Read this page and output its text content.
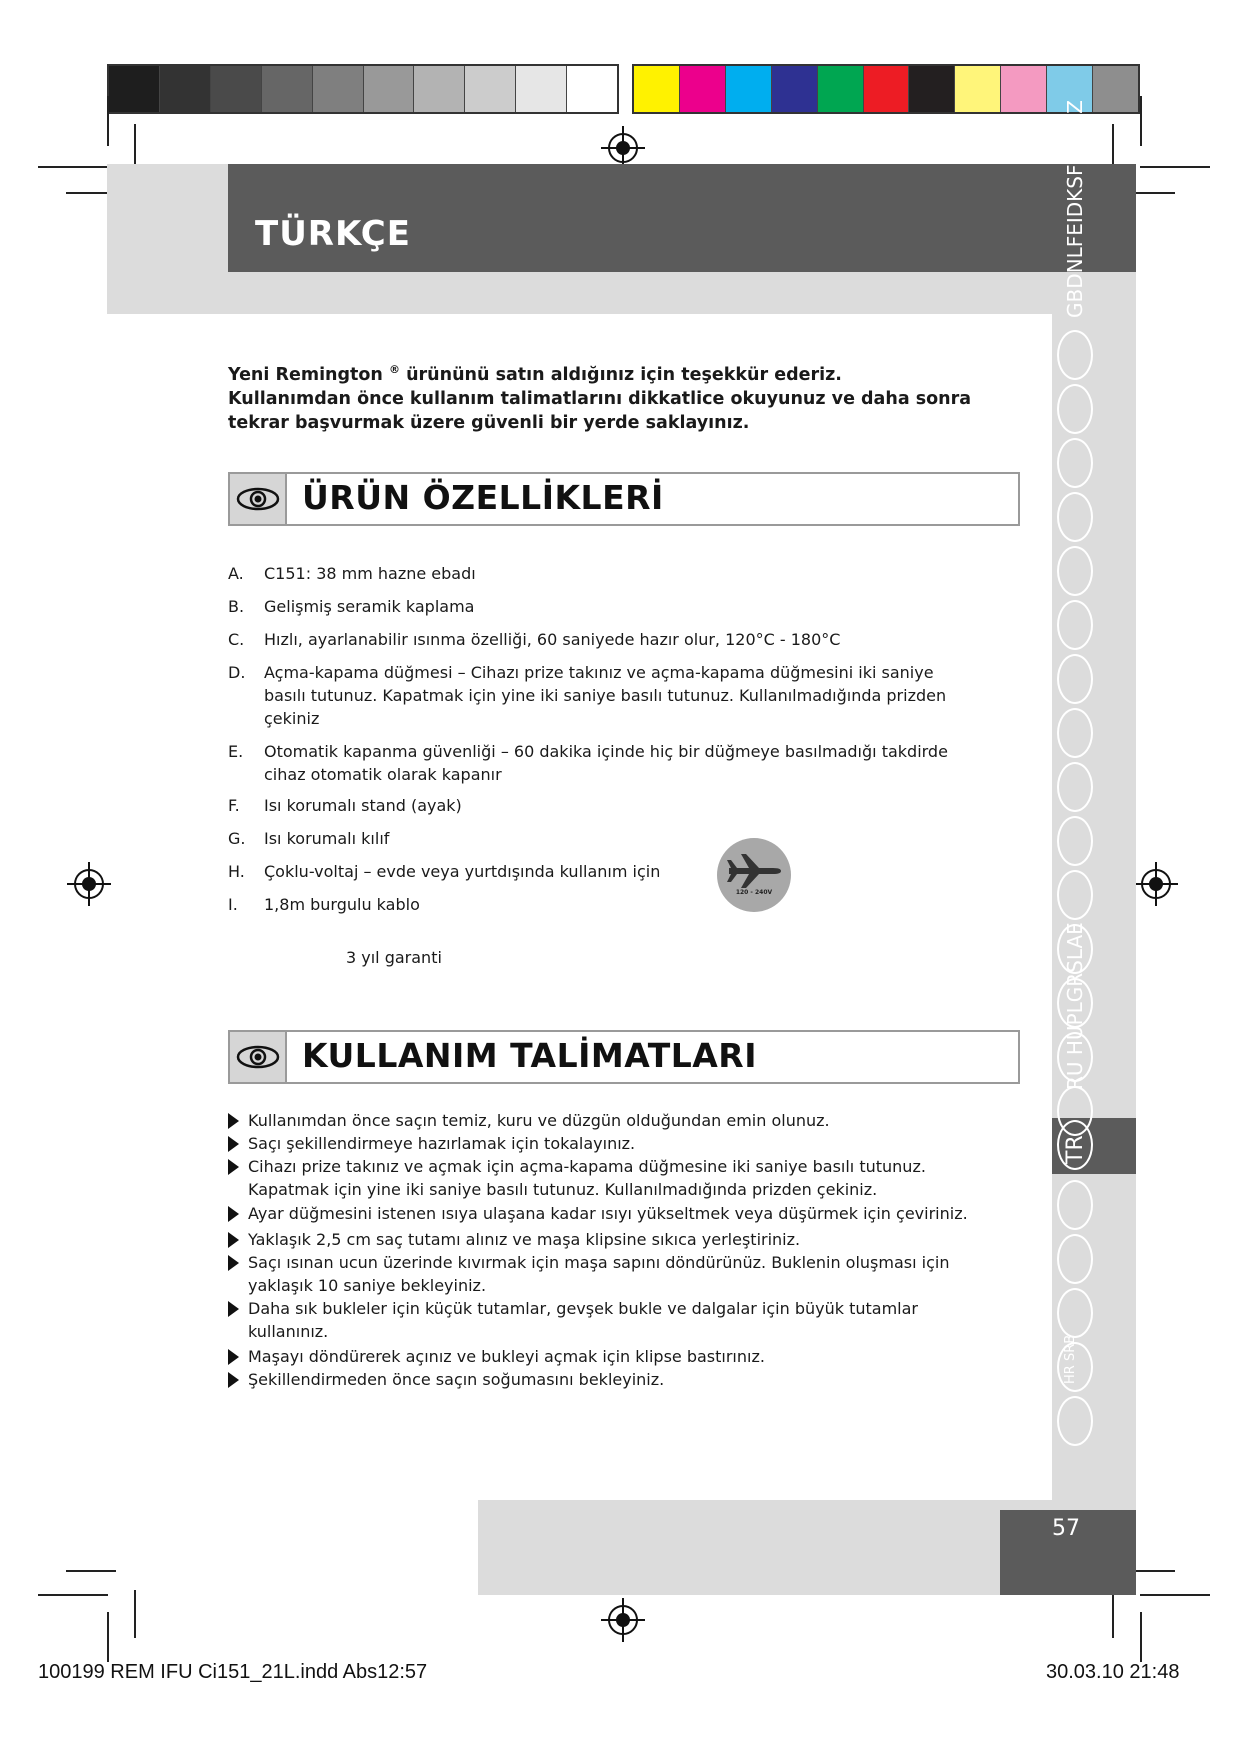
TÜRKÇE	GBDNLFEIDKSFPSKCZ
RU HUPLGRSLAE
TR
HR SRB
57
Yeni Remington ® ürününü satın aldığınız için teşekkür ederiz.
Kullanımdan önce kullanım talimatlarını dikkatlice okuyunuz ve daha sonra
tekrar başvurmak üzere güvenli bir yerde saklayınız.
ÜRÜN ÖZELLİKLERİ
A. C151: 38 mm hazne ebadı
B. Gelişmiş seramik kaplama
C. Hızlı, ayarlanabilir ısınma özelliği, 60 saniyede hazır olur, 120°C - 180°C
D. Açma-kapama düğmesi – Cihazı prize takınız ve açma-kapama düğmesini iki saniye
basılı tutunuz. Kapatmak için yine iki saniye basılı tutunuz. Kullanılmadığında prizden
çekiniz
E. Otomatik kapanma güvenliği – 60 dakika içinde hiç bir düğmeye basılmadığı takdirde
cihaz otomatik olarak kapanır
F. Isı korumalı stand (ayak)
G. Isı korumalı kılıf
H. Çoklu-voltaj – evde veya yurtdışında kullanım için
I. 1,8m burgulu kablo
120 - 240V
3 yıl garanti
KULLANIM TALİMATLARI
Kullanımdan önce saçın temiz, kuru ve düzgün olduğundan emin olunuz.
Saçı şekillendirmeye hazırlamak için tokalayınız.
Cihazı prize takınız ve açmak için açma-kapama düğmesine iki saniye basılı tutunuz.
Kapatmak için yine iki saniye basılı tutunuz. Kullanılmadığında prizden çekiniz.
Ayar düğmesini istenen ısıya ulaşana kadar ısıyı yükseltmek veya düşürmek için çeviriniz.
Yaklaşık 2,5 cm saç tutamı alınız ve maşa klipsine sıkıca yerleştiriniz.
Saçı ısınan ucun üzerinde kıvırmak için maşa sapını döndürünüz. Buklenin oluşması için
yaklaşık 10 saniye bekleyiniz.
Daha sık bukleler için küçük tutamlar, gevşek bukle ve dalgalar için büyük tutamlar
kullanınız.
Maşayı döndürerek açınız ve bukleyi açmak için klipse bastırınız.
Şekillendirmeden önce saçın soğumasını bekleyiniz.
100199 REM IFU Ci151_21L.indd Abs12:57	30.03.10 21:48
